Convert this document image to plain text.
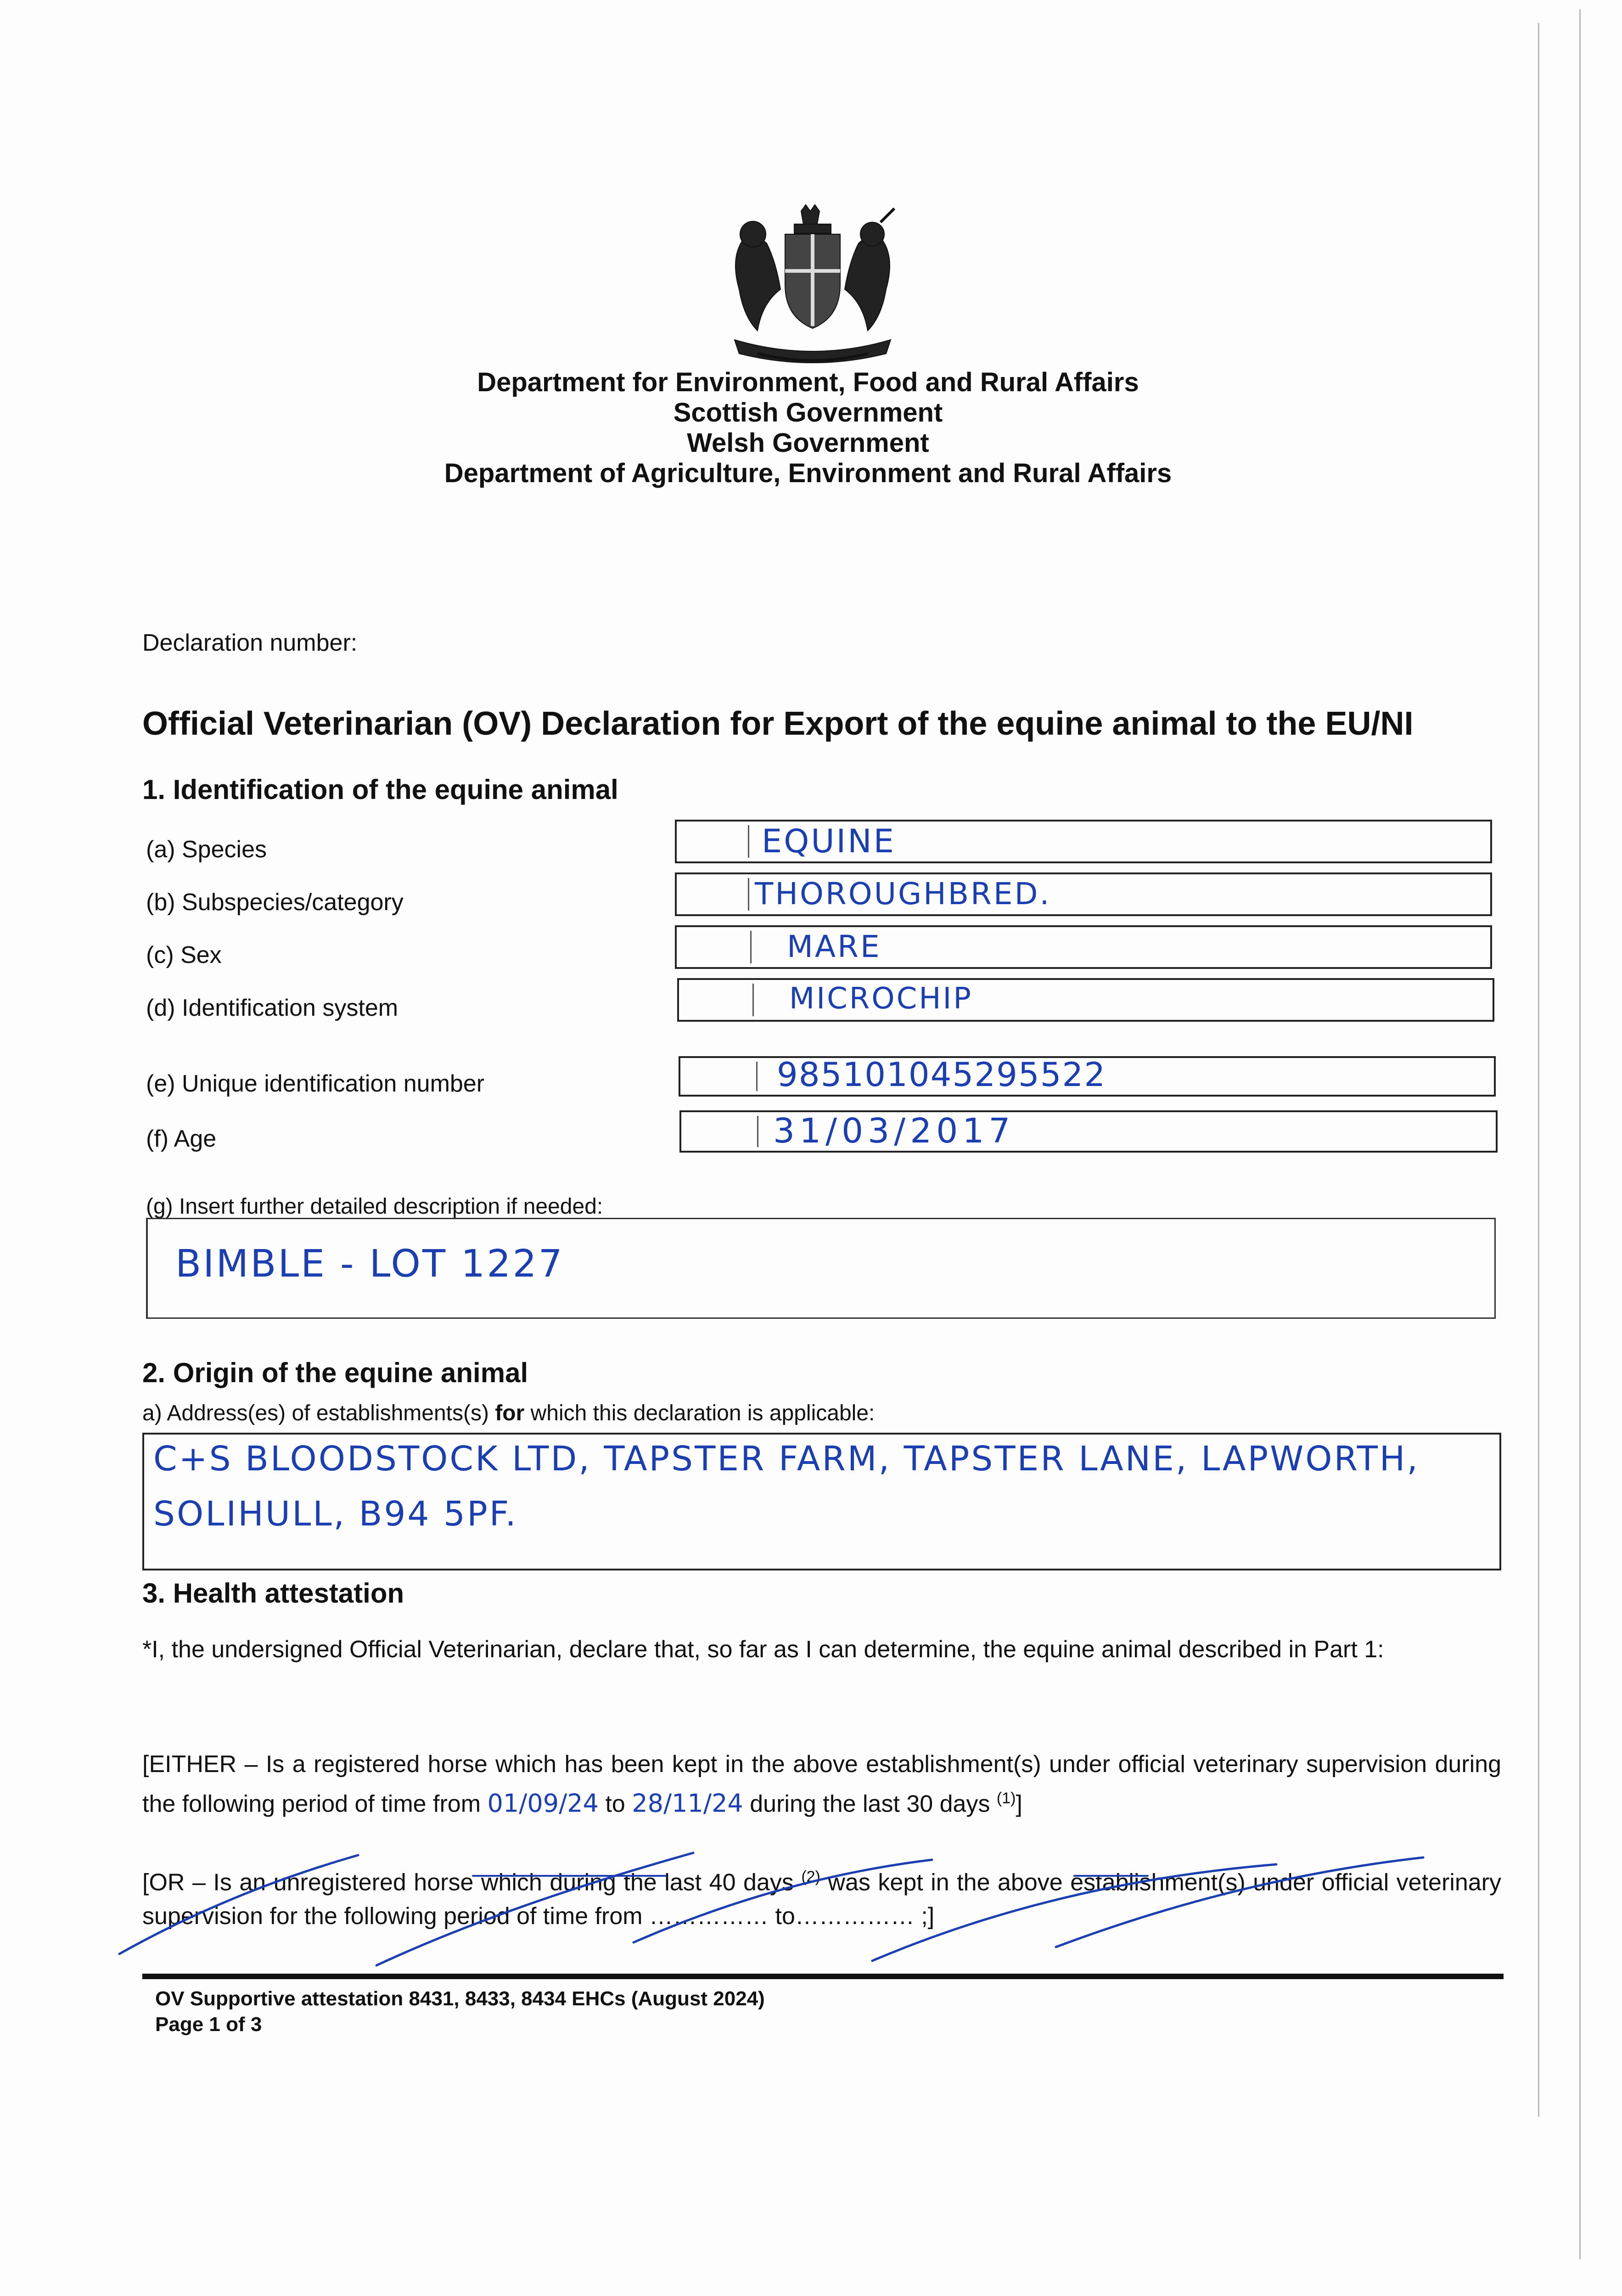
Department for Environment, Food and Rural Affairs
Scottish Government
Welsh Government
Department of Agriculture, Environment and Rural Affairs
Declaration number:
Official Veterinarian (OV) Declaration for Export of the equine animal to the EU/NI
1. Identification of the equine animal
(a) Species	EQUINE
(b) Subspecies/category	THOROUGHBRED.
(c) Sex	MARE
(d) Identification system	MICROCHIP
(e) Unique identification number	985101045295522
(f) Age	31/03/2017
(g) Insert further detailed description if needed:
BIMBLE - LOT 1227
2. Origin of the equine animal
a) Address(es) of establishments(s) for which this declaration is applicable:
C+S BLOODSTOCK LTD, TAPSTER FARM, TAPSTER LANE, LAPWORTH,
SOLIHULL, B94 5PF.
3. Health attestation
*I, the undersigned Official Veterinarian, declare that, so far as I can determine, the equine animal described in Part 1:
[EITHER – Is a registered horse which has been kept in the above establishment(s) under official veterinary supervision during the following period of time from 01/09/24 to 28/11/24 during the last 30 days $^{(1)}$]
[OR – Is an unregistered horse which during the last 40 days $^{(2)}$ was kept in the above establishment(s) under official veterinary supervision for the following period of time from …………… to…………… ;]
OV Supportive attestation 8431, 8433, 8434 EHCs (August 2024)
Page 1 of 3
